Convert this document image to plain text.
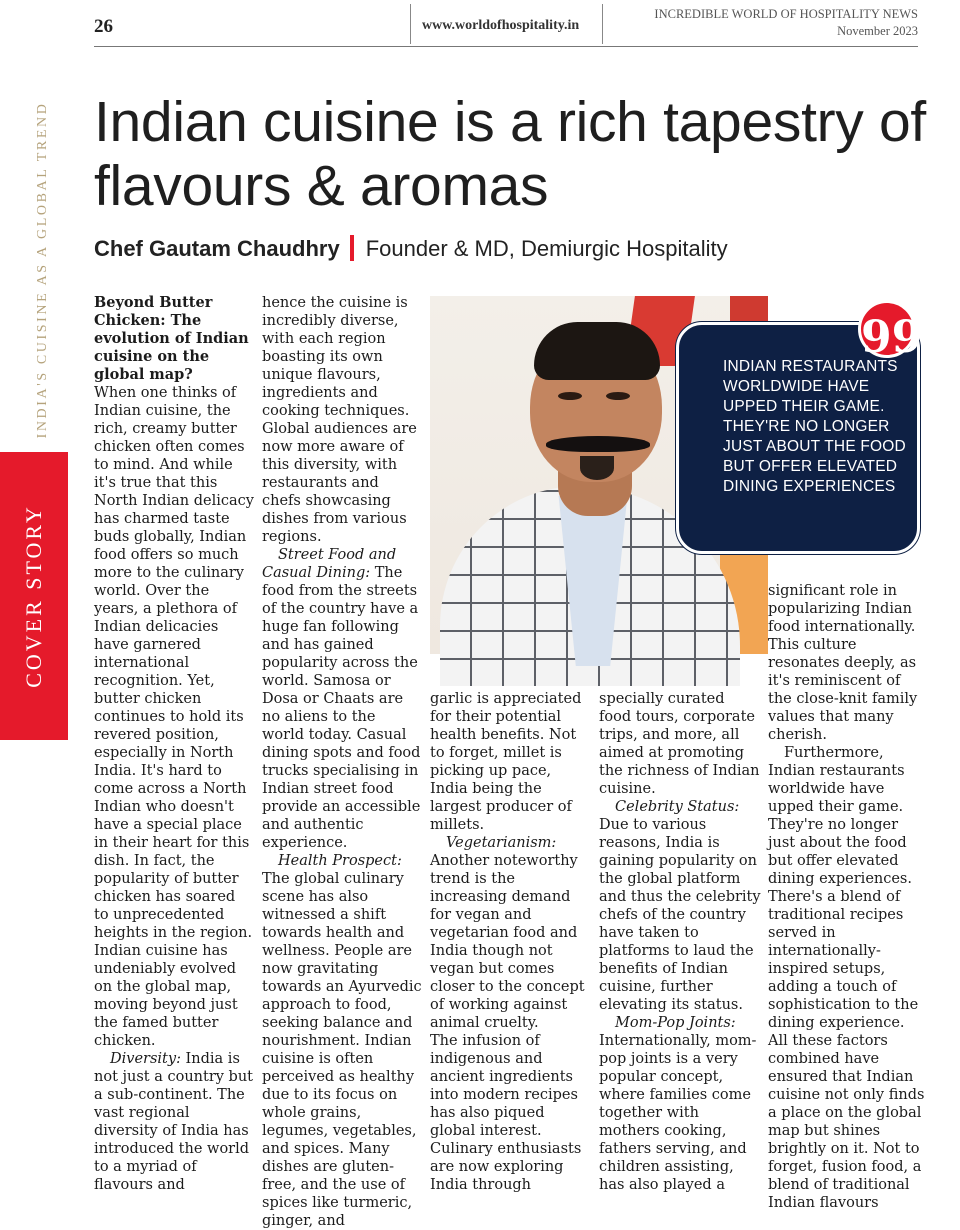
26	www.worldofhospitality.in
INCREDIBLE WORLD OF HOSPITALITY NEWS
November 2023
INDIA'S CUISINE AS A GLOBAL TREND
COVER STORY
Indian cuisine is a rich tapestry of flavours & aromas
Chef Gautam Chaudhry Founder & MD, Demiurgic Hospitality

Beyond Butter Chicken: The evolution of Indian cuisine on the global map?

When one thinks of Indian cuisine, the rich, creamy butter chicken often comes to mind. And while it's true that this North Indian delicacy has charmed taste buds globally, Indian food offers so much more to the culinary world. Over the years, a plethora of Indian delicacies have garnered international recognition. Yet, butter chicken continues to hold its revered position, especially in North India. It's hard to come across a North Indian who doesn't have a special place in their heart for this dish. In fact, the popularity of butter chicken has soared to unprecedented heights in the region. Indian cuisine has undeniably evolved on the global map, moving beyond just the famed butter chicken.

Diversity: India is not just a country but a sub-continent. The vast regional diversity of India has introduced the world to a myriad of flavours and

hence the cuisine is incredibly diverse, with each region boasting its own unique flavours, ingredients and cooking techniques. Global audiences are now more aware of this diversity, with restaurants and chefs showcasing dishes from various regions.

Street Food and Casual Dining: The food from the streets of the country have a huge fan following and has gained popularity across the world. Samosa or Dosa or Chaats are no aliens to the world today. Casual dining spots and food trucks specialising in Indian street food provide an accessible and authentic experience.

Health Prospect:

The global culinary scene has also witnessed a shift towards health and wellness. People are now gravitating towards an Ayurvedic approach to food, seeking balance and nourishment. Indian cuisine is often perceived as healthy due to its focus on whole grains, legumes, vegetables, and spices. Many dishes are gluten-free, and the use of spices like turmeric, ginger, and

INDIAN RESTAURANTS WORLDWIDE HAVE UPPED THEIR GAME. THEY'RE NO LONGER JUST ABOUT THE FOOD BUT OFFER ELEVATED DINING EXPERIENCES
99

garlic is appreciated for their potential health benefits. Not to forget, millet is picking up pace, India being the largest producer of millets.

Vegetarianism:

Another noteworthy trend is the increasing demand for vegan and vegetarian food and India though not vegan but comes closer to the concept of working against animal cruelty.

The infusion of indigenous and ancient ingredients into modern recipes has also piqued global interest. Culinary enthusiasts are now exploring India through

specially curated food tours, corporate trips, and more, all aimed at promoting the richness of Indian cuisine.

Celebrity Status:

Due to various reasons, India is gaining popularity on the global platform and thus the celebrity chefs of the country have taken to platforms to laud the benefits of Indian cuisine, further elevating its status.

Mom-Pop Joints:

Internationally, mom-pop joints is a very popular concept, where families come together with mothers cooking, fathers serving, and children assisting, has also played a

significant role in popularizing Indian food internationally. This culture resonates deeply, as it's reminiscent of the close-knit family values that many cherish.

Furthermore, Indian restaurants worldwide have upped their game. They're no longer just about the food but offer elevated dining experiences. There's a blend of traditional recipes served in internationally-inspired setups, adding a touch of sophistication to the dining experience. All these factors combined have ensured that Indian cuisine not only finds a place on the global map but shines brightly on it. Not to forget, fusion food, a blend of traditional Indian flavours
